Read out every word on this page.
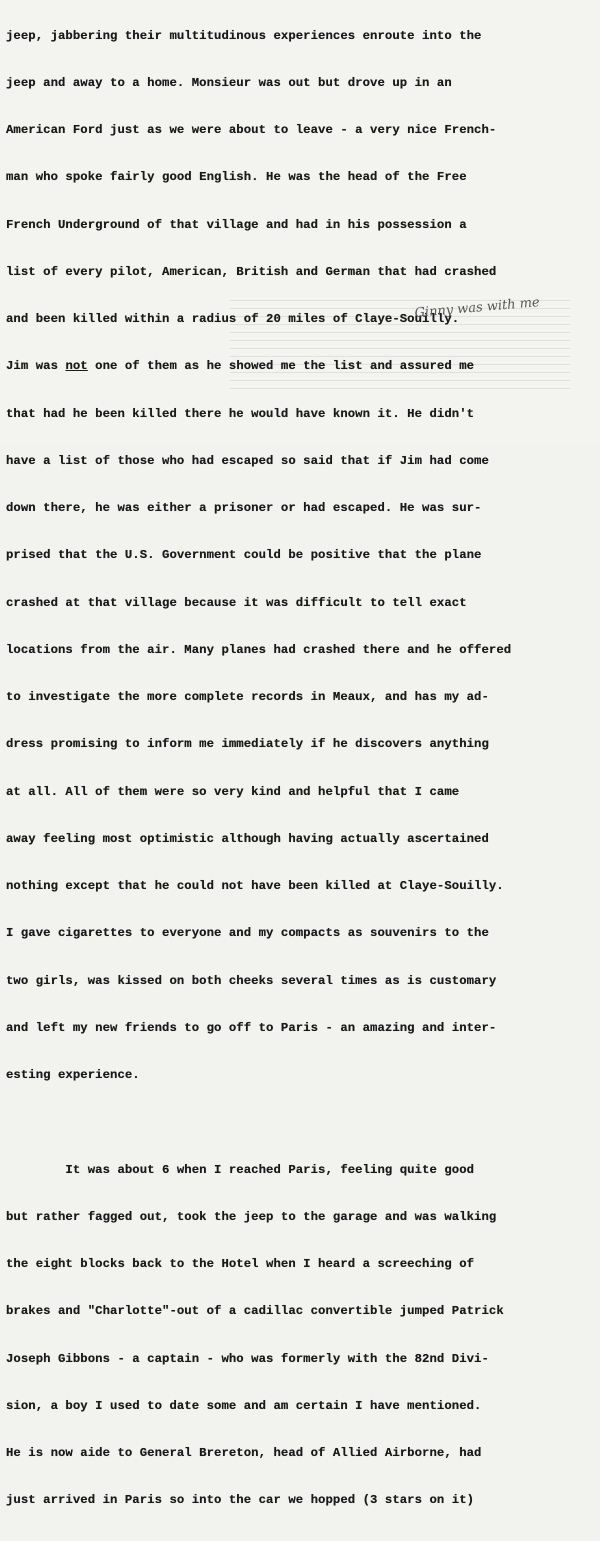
jeep, jabbering their multitudinous experiences enroute into the

jeep and away to a home. Monsieur was out but drove up in an

American Ford just as we were about to leave - a very nice French-

man who spoke fairly good English. He was the head of the Free

French Underground of that village and had in his possession a

list of every pilot, American, British and German that had crashed

and been killed within a radius of 20 miles of Claye-Souilly.

Jim was not one of them as he showed me the list and assured me

that had he been killed there he would have known it. He didn't

have a list of those who had escaped so said that if Jim had come

down there, he was either a prisoner or had escaped. He was sur-

prised that the U.S. Government could be positive that the plane

crashed at that village because it was difficult to tell exact

locations from the air. Many planes had crashed there and he offered

to investigate the more complete records in Meaux, and has my ad-

dress promising to inform me immediately if he discovers anything

at all. All of them were so very kind and helpful that I came

away feeling most optimistic although having actually ascertained

nothing except that he could not have been killed at Claye-Souilly.

I gave cigarettes to everyone and my compacts as souvenirs to the

two girls, was kissed on both cheeks several times as is customary

and left my new friends to go off to Paris - an amazing and inter-

esting experience.

It was about 6 when I reached Paris, feeling quite good

but rather fagged out, took the jeep to the garage and was walking

the eight blocks back to the Hotel when I heard a screeching of

brakes and "Charlotte"-out of a cadillac convertible jumped Patrick

Joseph Gibbons - a captain - who was formerly with the 82nd Divi-

sion, a boy I used to date some and am certain I have mentioned.

He is now aide to General Brereton, head of Allied Airborne, had

just arrived in Paris so into the car we hopped (3 stars on it)

Ginny was with me
